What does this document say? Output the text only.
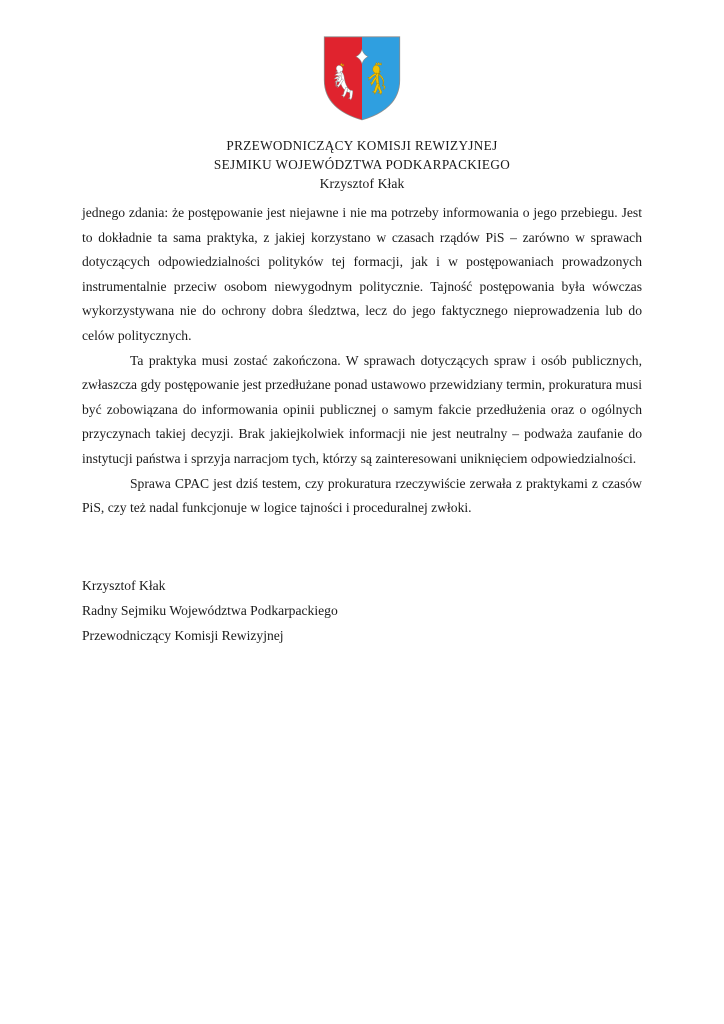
PRZEWODNICZĄCY KOMISJI REWIZYJNEJ
SEJMIKU WOJEWÓDZTWA PODKARPACKIEGO
Krzysztof Kłak

jednego zdania: że postępowanie jest niejawne i nie ma potrzeby informowania o jego przebiegu. Jest to dokładnie ta sama praktyka, z jakiej korzystano w czasach rządów PiS – zarówno w sprawach dotyczących odpowiedzialności polityków tej formacji, jak i w postępowaniach prowadzonych instrumentalnie przeciw osobom niewygodnym politycznie. Tajność postępowania była wówczas wykorzystywana nie do ochrony dobra śledztwa, lecz do jego faktycznego nieprowadzenia lub do celów politycznych.

Ta praktyka musi zostać zakończona. W sprawach dotyczących spraw i osób publicznych, zwłaszcza gdy postępowanie jest przedłużane ponad ustawowo przewidziany termin, prokuratura musi być zobowiązana do informowania opinii publicznej o samym fakcie przedłużenia oraz o ogólnych przyczynach takiej decyzji. Brak jakiejkolwiek informacji nie jest neutralny – podważa zaufanie do instytucji państwa i sprzyja narracjom tych, którzy są zainteresowani uniknięciem odpowiedzialności.

Sprawa CPAC jest dziś testem, czy prokuratura rzeczywiście zerwała z praktykami z czasów PiS, czy też nadal funkcjonuje w logice tajności i proceduralnej zwłoki.

Krzysztof Kłak
Radny Sejmiku Województwa Podkarpackiego
Przewodniczący Komisji Rewizyjnej
